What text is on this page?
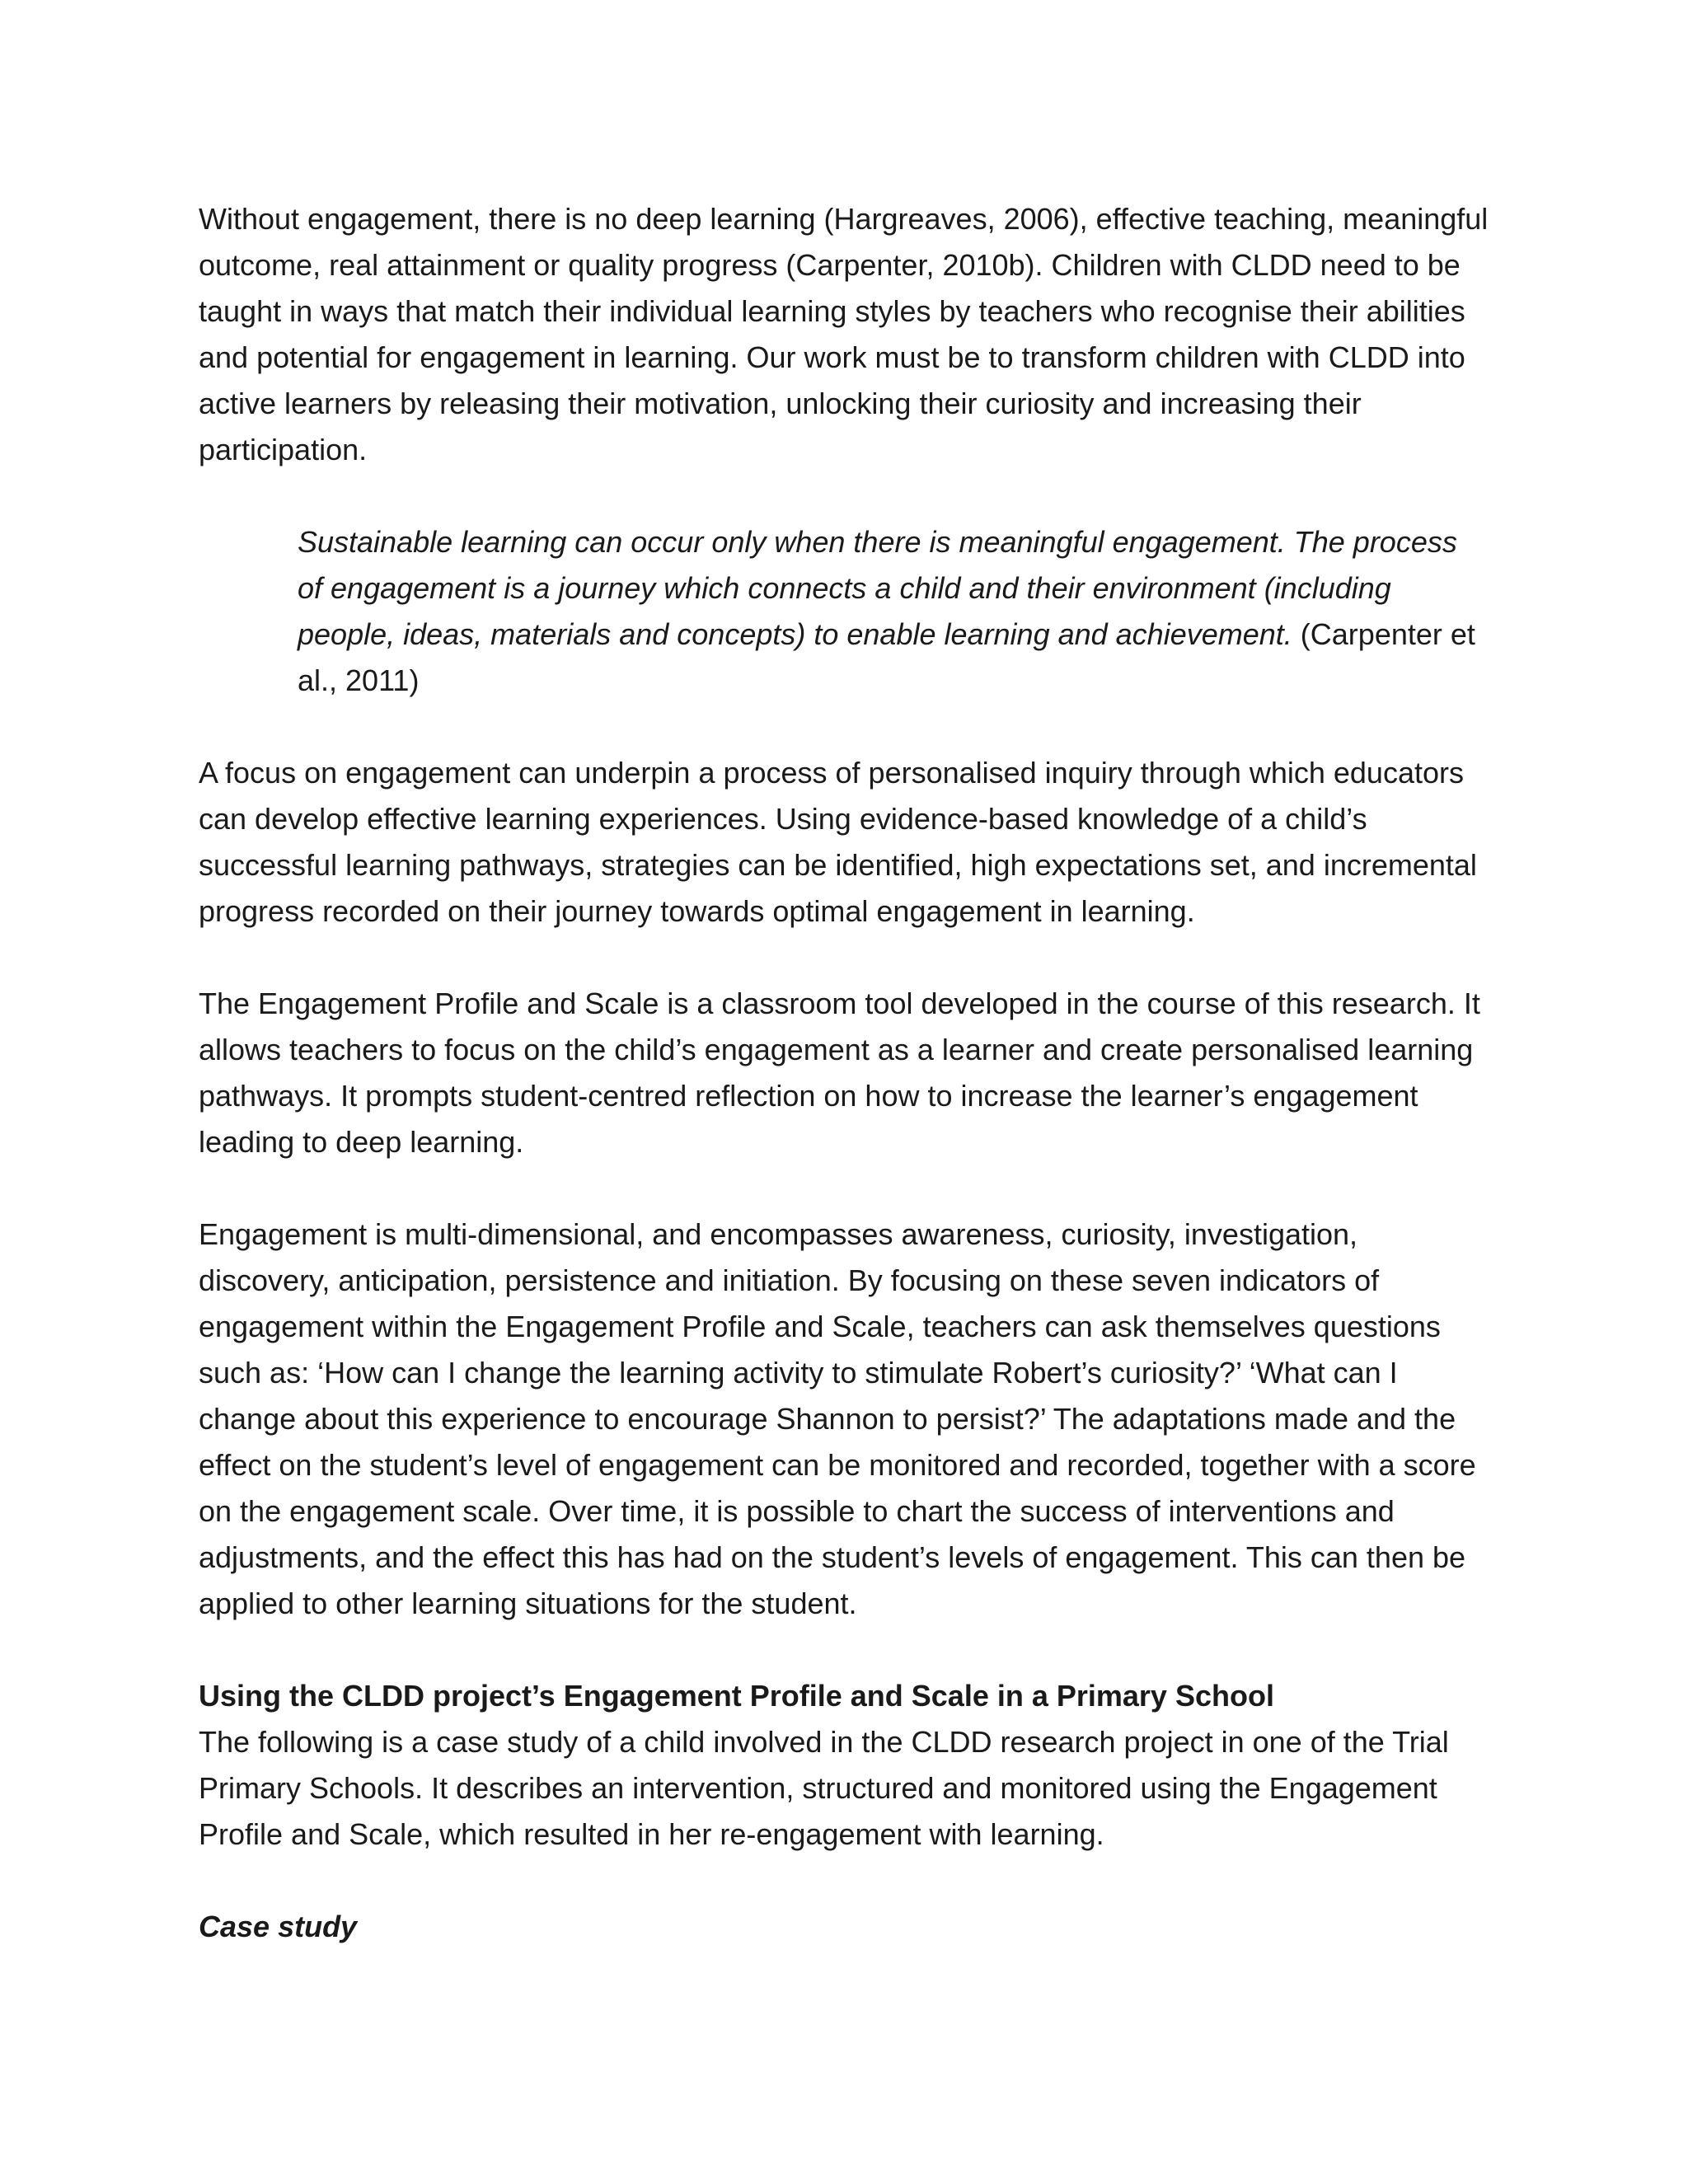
Without engagement, there is no deep learning (Hargreaves, 2006), effective teaching, meaningful outcome, real attainment or quality progress (Carpenter, 2010b). Children with CLDD need to be taught in ways that match their individual learning styles by teachers who recognise their abilities and potential for engagement in learning. Our work must be to transform children with CLDD into active learners by releasing their motivation, unlocking their curiosity and increasing their participation.

Sustainable learning can occur only when there is meaningful engagement. The process of engagement is a journey which connects a child and their environment (including people, ideas, materials and concepts) to enable learning and achievement. (Carpenter et al., 2011)

A focus on engagement can underpin a process of personalised inquiry through which educators can develop effective learning experiences. Using evidence-based knowledge of a child’s successful learning pathways, strategies can be identified, high expectations set, and incremental progress recorded on their journey towards optimal engagement in learning.

The Engagement Profile and Scale is a classroom tool developed in the course of this research. It allows teachers to focus on the child’s engagement as a learner and create personalised learning pathways. It prompts student-centred reflection on how to increase the learner’s engagement leading to deep learning.

Engagement is multi-dimensional, and encompasses awareness, curiosity, investigation, discovery, anticipation, persistence and initiation. By focusing on these seven indicators of engagement within the Engagement Profile and Scale, teachers can ask themselves questions such as: ‘How can I change the learning activity to stimulate Robert’s curiosity?’ ‘What can I change about this experience to encourage Shannon to persist?’ The adaptations made and the effect on the student’s level of engagement can be monitored and recorded, together with a score on the engagement scale. Over time, it is possible to chart the success of interventions and adjustments, and the effect this has had on the student’s levels of engagement. This can then be applied to other learning situations for the student.

Using the CLDD project’s Engagement Profile and Scale in a Primary School

The following is a case study of a child involved in the CLDD research project in one of the Trial Primary Schools. It describes an intervention, structured and monitored using the Engagement Profile and Scale, which resulted in her re-engagement with learning.

Case study
